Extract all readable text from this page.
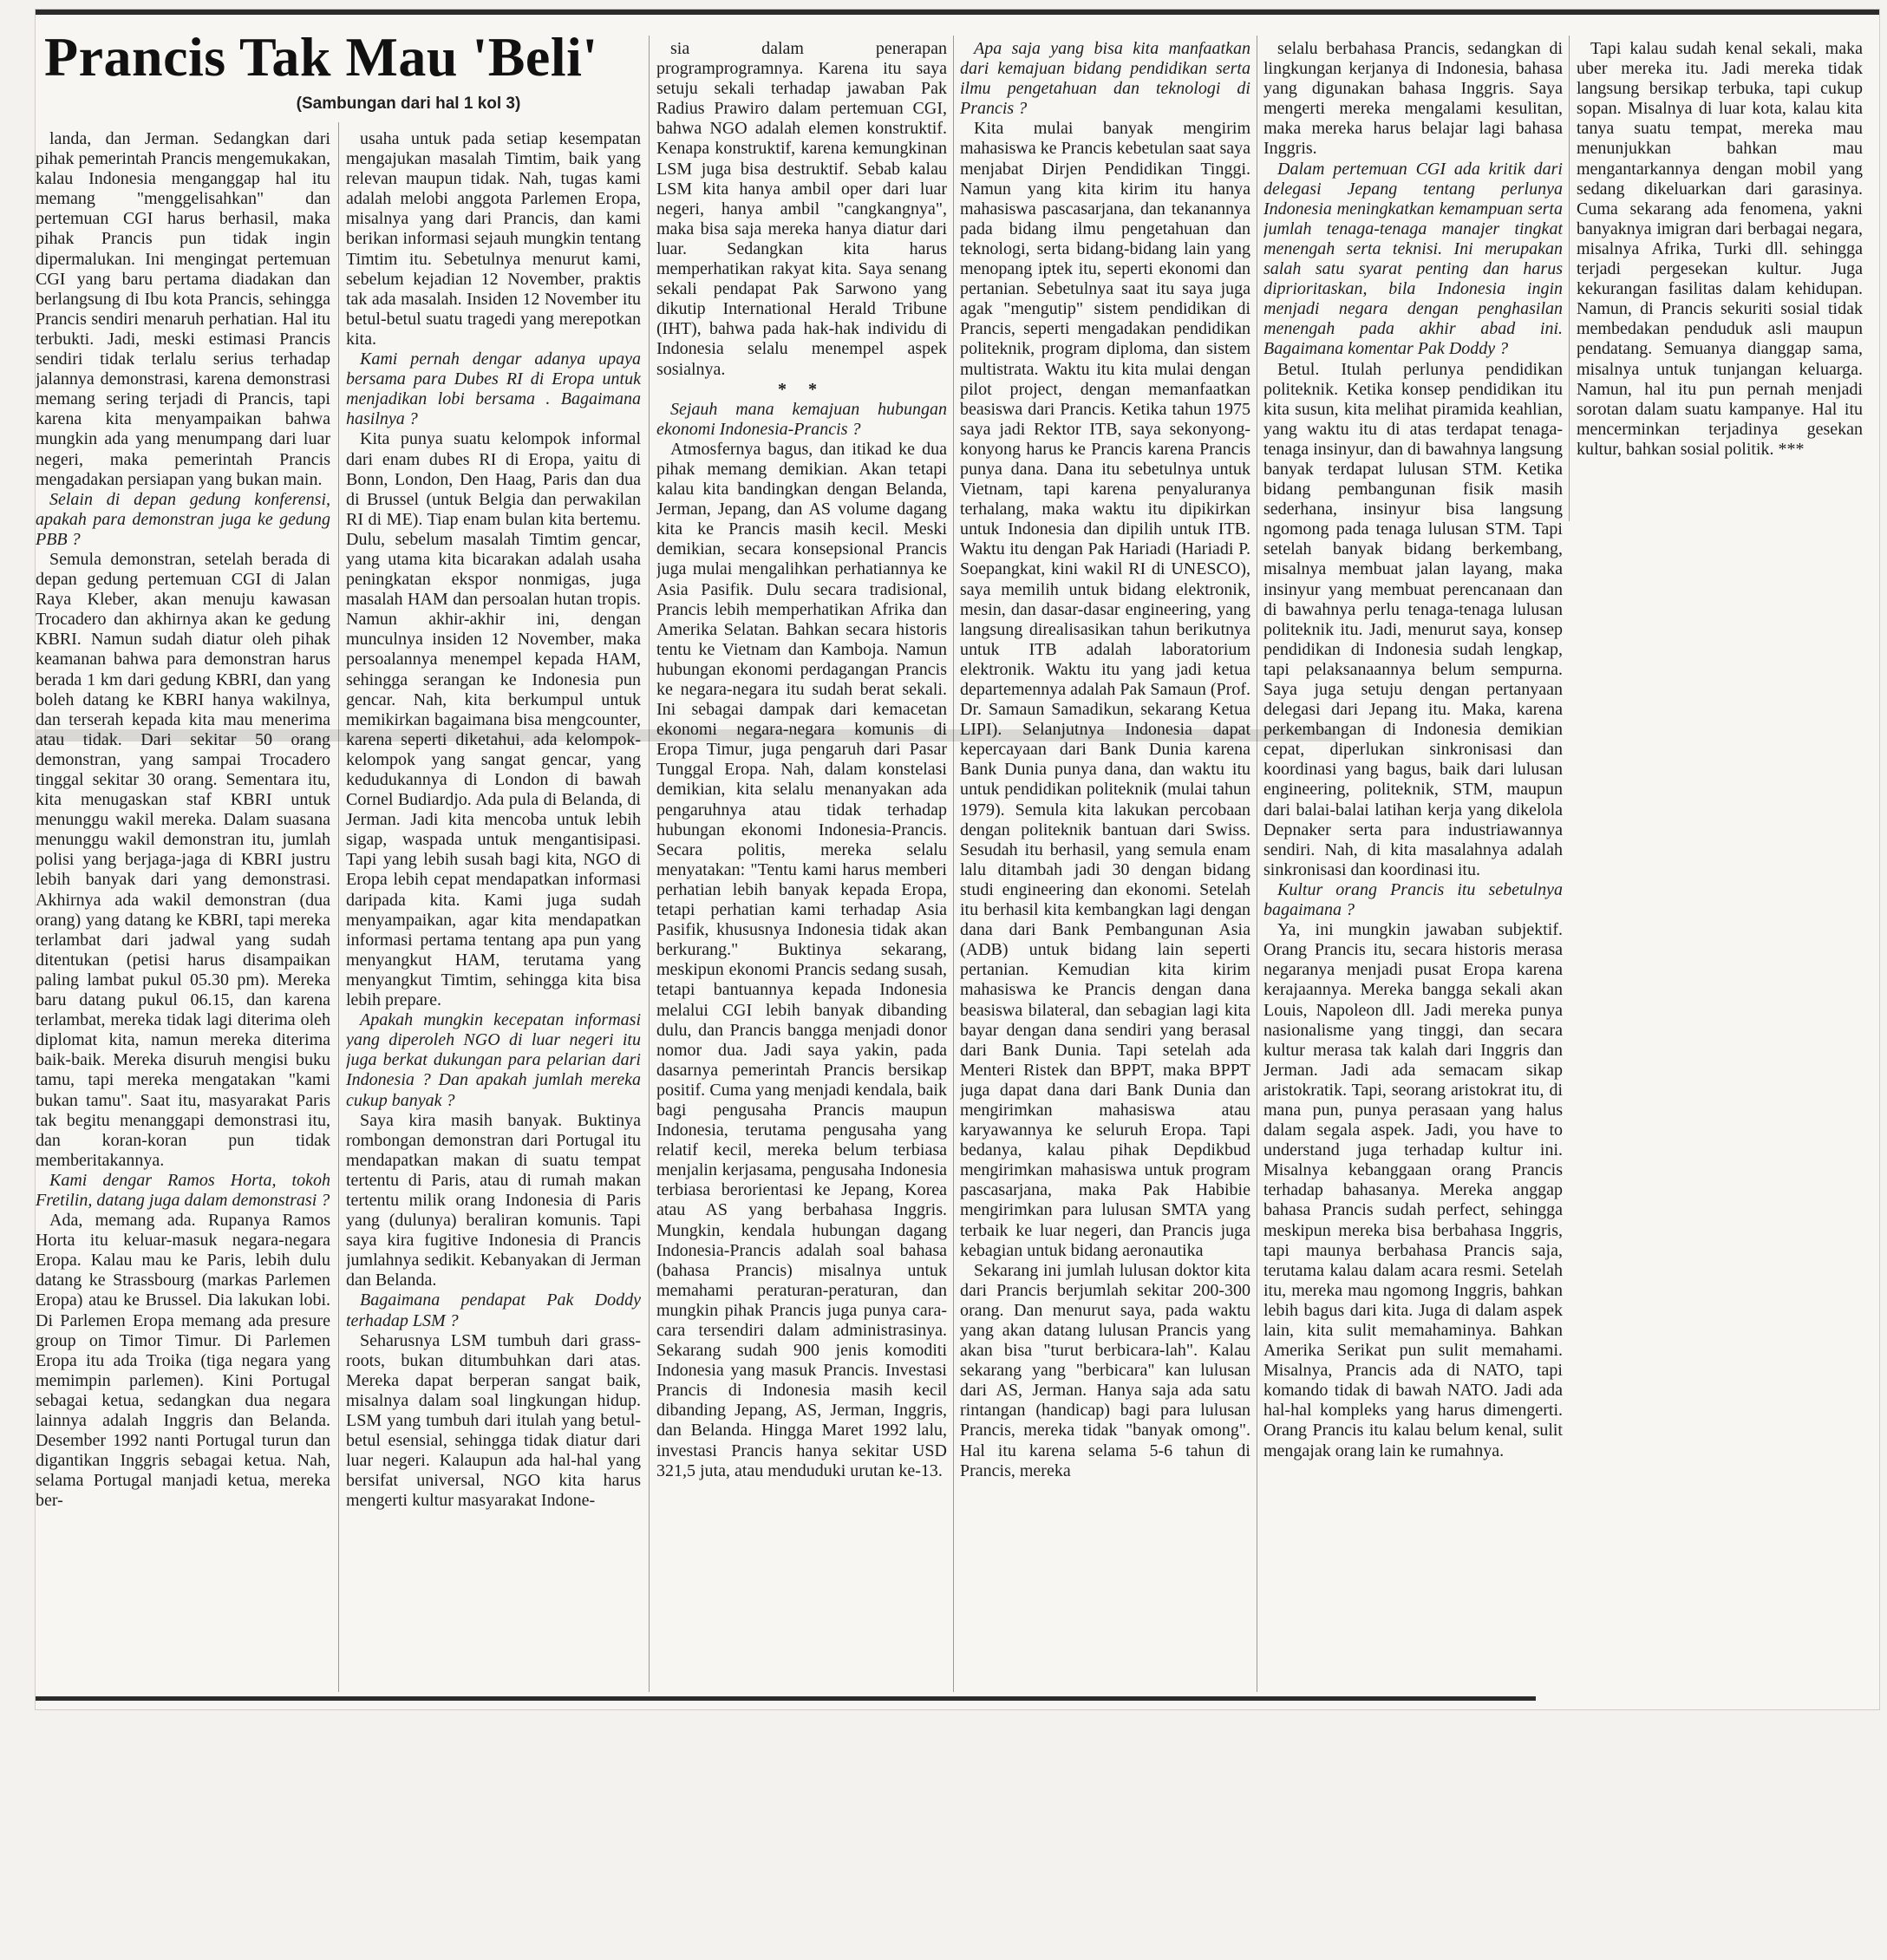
Prancis Tak Mau 'Beli'
(Sambungan dari hal 1 kol 3)

landa, dan Jerman. Sedangkan dari pihak pemerintah Prancis mengemukakan, kalau Indonesia menganggap hal itu memang "menggelisahkan" dan pertemuan CGI harus berhasil, maka pihak Prancis pun tidak ingin dipermalukan. Ini mengingat pertemuan CGI yang baru pertama diadakan dan berlangsung di Ibu kota Prancis, sehingga Prancis sendiri menaruh perhatian. Hal itu terbukti. Jadi, meski estimasi Prancis sendiri tidak terlalu serius terhadap jalannya demonstrasi, karena demonstrasi memang sering terjadi di Prancis, tapi karena kita menyampaikan bahwa mungkin ada yang menumpang dari luar negeri, maka pemerintah Prancis mengadakan persiapan yang bukan main.

Selain di depan gedung konferensi, apakah para demonstran juga ke gedung PBB ?

Semula demonstran, setelah berada di depan gedung pertemuan CGI di Jalan Raya Kleber, akan menuju kawasan Trocadero dan akhirnya akan ke gedung KBRI. Namun sudah diatur oleh pihak keamanan bahwa para demonstran harus berada 1 km dari gedung KBRI, dan yang boleh datang ke KBRI hanya wakilnya, dan terserah kepada kita mau menerima atau tidak. Dari sekitar 50 orang demonstran, yang sampai Trocadero tinggal sekitar 30 orang. Sementara itu, kita menugaskan staf KBRI untuk menunggu wakil mereka. Dalam suasana menunggu wakil demonstran itu, jumlah polisi yang berjaga-jaga di KBRI justru lebih banyak dari yang demonstrasi. Akhirnya ada wakil demonstran (dua orang) yang datang ke KBRI, tapi mereka terlambat dari jadwal yang sudah ditentukan (petisi harus disampaikan paling lambat pukul 05.30 pm). Mereka baru datang pukul 06.15, dan karena terlambat, mereka tidak lagi diterima oleh diplomat kita, namun mereka diterima baik-baik. Mereka disuruh mengisi buku tamu, tapi mereka mengatakan "kami bukan tamu". Saat itu, masyarakat Paris tak begitu menanggapi demonstrasi itu, dan koran-koran pun tidak memberitakannya.

Kami dengar Ramos Horta, tokoh Fretilin, datang juga dalam demonstrasi ?

Ada, memang ada. Rupanya Ramos Horta itu keluar-masuk negara-negara Eropa. Kalau mau ke Paris, lebih dulu datang ke Strassbourg (markas Parlemen Eropa) atau ke Brussel. Dia lakukan lobi. Di Parlemen Eropa memang ada presure group on Timor Timur. Di Parlemen Eropa itu ada Troika (tiga negara yang memimpin parlemen). Kini Portugal sebagai ketua, sedangkan dua negara lainnya adalah Inggris dan Belanda. Desember 1992 nanti Portugal turun dan digantikan Inggris sebagai ketua. Nah, selama Portugal manjadi ketua, mereka ber-

usaha untuk pada setiap kesempatan mengajukan masalah Timtim, baik yang relevan maupun tidak. Nah, tugas kami adalah melobi anggota Parlemen Eropa, misalnya yang dari Prancis, dan kami berikan informasi sejauh mungkin tentang Timtim itu. Sebetulnya menurut kami, sebelum kejadian 12 November, praktis tak ada masalah. Insiden 12 November itu betul-betul suatu tragedi yang merepotkan kita.

Kami pernah dengar adanya upaya bersama para Dubes RI di Eropa untuk menjadikan lobi bersama . Bagaimana hasilnya ?

Kita punya suatu kelompok informal dari enam dubes RI di Eropa, yaitu di Bonn, London, Den Haag, Paris dan dua di Brussel (untuk Belgia dan perwakilan RI di ME). Tiap enam bulan kita bertemu. Dulu, sebelum masalah Timtim gencar, yang utama kita bicarakan adalah usaha peningkatan ekspor nonmigas, juga masalah HAM dan persoalan hutan tropis. Namun akhir-akhir ini, dengan munculnya insiden 12 November, maka persoalannya menempel kepada HAM, sehingga serangan ke Indonesia pun gencar. Nah, kita berkumpul untuk memikirkan bagaimana bisa mengcounter, karena seperti diketahui, ada kelompok-kelompok yang sangat gencar, yang kedudukannya di London di bawah Cornel Budiardjo. Ada pula di Belanda, di Jerman. Jadi kita mencoba untuk lebih sigap, waspada untuk mengantisipasi. Tapi yang lebih susah bagi kita, NGO di Eropa lebih cepat mendapatkan informasi daripada kita. Kami juga sudah menyampaikan, agar kita mendapatkan informasi pertama tentang apa pun yang menyangkut HAM, terutama yang menyangkut Timtim, sehingga kita bisa lebih prepare.

Apakah mungkin kecepatan informasi yang diperoleh NGO di luar negeri itu juga berkat dukungan para pelarian dari Indonesia ? Dan apakah jumlah mereka cukup banyak ?

Saya kira masih banyak. Buktinya rombongan demonstran dari Portugal itu mendapatkan makan di suatu tempat tertentu di Paris, atau di rumah makan tertentu milik orang Indonesia di Paris yang (dulunya) beraliran komunis. Tapi saya kira fugitive Indonesia di Prancis jumlahnya sedikit. Kebanyakan di Jerman dan Belanda.

Bagaimana pendapat Pak Doddy terhadap LSM ?

Seharusnya LSM tumbuh dari grass-roots, bukan ditumbuhkan dari atas. Mereka dapat berperan sangat baik, misalnya dalam soal lingkungan hidup. LSM yang tumbuh dari itulah yang betul-betul esensial, sehingga tidak diatur dari luar negeri. Kalaupun ada hal-hal yang bersifat universal, NGO kita harus mengerti kultur masyarakat Indone-

sia dalam penerapan programprogramnya. Karena itu saya setuju sekali terhadap jawaban Pak Radius Prawiro dalam pertemuan CGI, bahwa NGO adalah elemen konstruktif. Kenapa konstruktif, karena kemungkinan LSM juga bisa destruktif. Sebab kalau LSM kita hanya ambil oper dari luar negeri, hanya ambil "cangkangnya", maka bisa saja mereka hanya diatur dari luar. Sedangkan kita harus memperhatikan rakyat kita. Saya senang sekali pendapat Pak Sarwono yang dikutip International Herald Tribune (IHT), bahwa pada hak-hak individu di Indonesia selalu menempel aspek sosialnya.

* *

Sejauh mana kemajuan hubungan ekonomi Indonesia-Prancis ?

Atmosfernya bagus, dan itikad ke dua pihak memang demikian. Akan tetapi kalau kita bandingkan dengan Belanda, Jerman, Jepang, dan AS volume dagang kita ke Prancis masih kecil. Meski demikian, secara konsepsional Prancis juga mulai mengalihkan perhatiannya ke Asia Pasifik. Dulu secara tradisional, Prancis lebih memperhatikan Afrika dan Amerika Selatan. Bahkan secara historis tentu ke Vietnam dan Kamboja. Namun hubungan ekonomi perdagangan Prancis ke negara-negara itu sudah berat sekali. Ini sebagai dampak dari kemacetan ekonomi negara-negara komunis di Eropa Timur, juga pengaruh dari Pasar Tunggal Eropa. Nah, dalam konstelasi demikian, kita selalu menanyakan ada pengaruhnya atau tidak terhadap hubungan ekonomi Indonesia-Prancis. Secara politis, mereka selalu menyatakan: "Tentu kami harus memberi perhatian lebih banyak kepada Eropa, tetapi perhatian kami terhadap Asia Pasifik, khususnya Indonesia tidak akan berkurang." Buktinya sekarang, meskipun ekonomi Prancis sedang susah, tetapi bantuannya kepada Indonesia melalui CGI lebih banyak dibanding dulu, dan Prancis bangga menjadi donor nomor dua. Jadi saya yakin, pada dasarnya pemerintah Prancis bersikap positif. Cuma yang menjadi kendala, baik bagi pengusaha Prancis maupun Indonesia, terutama pengusaha yang relatif kecil, mereka belum terbiasa menjalin kerjasama, pengusaha Indonesia terbiasa berorientasi ke Jepang, Korea atau AS yang berbahasa Inggris. Mungkin, kendala hubungan dagang Indonesia-Prancis adalah soal bahasa (bahasa Prancis) misalnya untuk memahami peraturan-peraturan, dan mungkin pihak Prancis juga punya cara-cara tersendiri dalam administrasinya. Sekarang sudah 900 jenis komoditi Indonesia yang masuk Prancis. Investasi Prancis di Indonesia masih kecil dibanding Jepang, AS, Jerman, Inggris, dan Belanda. Hingga Maret 1992 lalu, investasi Prancis hanya sekitar USD 321,5 juta, atau menduduki urutan ke-13.

Apa saja yang bisa kita manfaatkan dari kemajuan bidang pendidikan serta ilmu pengetahuan dan teknologi di Prancis ?

Kita mulai banyak mengirim mahasiswa ke Prancis kebetulan saat saya menjabat Dirjen Pendidikan Tinggi. Namun yang kita kirim itu hanya mahasiswa pascasarjana, dan tekanannya pada bidang ilmu pengetahuan dan teknologi, serta bidang-bidang lain yang menopang iptek itu, seperti ekonomi dan pertanian. Sebetulnya saat itu saya juga agak "mengutip" sistem pendidikan di Prancis, seperti mengadakan pendidikan politeknik, program diploma, dan sistem multistrata. Waktu itu kita mulai dengan pilot project, dengan memanfaatkan beasiswa dari Prancis. Ketika tahun 1975 saya jadi Rektor ITB, saya sekonyong-konyong harus ke Prancis karena Prancis punya dana. Dana itu sebetulnya untuk Vietnam, tapi karena penyaluranya terhalang, maka waktu itu dipikirkan untuk Indonesia dan dipilih untuk ITB. Waktu itu dengan Pak Hariadi (Hariadi P. Soepangkat, kini wakil RI di UNESCO), saya memilih untuk bidang elektronik, mesin, dan dasar-dasar engineering, yang langsung direalisasikan tahun berikutnya untuk ITB adalah laboratorium elektronik. Waktu itu yang jadi ketua departemennya adalah Pak Samaun (Prof. Dr. Samaun Samadikun, sekarang Ketua LIPI). Selanjutnya Indonesia dapat kepercayaan dari Bank Dunia karena Bank Dunia punya dana, dan waktu itu untuk pendidikan politeknik (mulai tahun 1979). Semula kita lakukan percobaan dengan politeknik bantuan dari Swiss. Sesudah itu berhasil, yang semula enam lalu ditambah jadi 30 dengan bidang studi engineering dan ekonomi. Setelah itu berhasil kita kembangkan lagi dengan dana dari Bank Pembangunan Asia (ADB) untuk bidang lain seperti pertanian. Kemudian kita kirim mahasiswa ke Prancis dengan dana beasiswa bilateral, dan sebagian lagi kita bayar dengan dana sendiri yang berasal dari Bank Dunia. Tapi setelah ada Menteri Ristek dan BPPT, maka BPPT juga dapat dana dari Bank Dunia dan mengirimkan mahasiswa atau karyawannya ke seluruh Eropa. Tapi bedanya, kalau pihak Depdikbud mengirimkan mahasiswa untuk program pascasarjana, maka Pak Habibie mengirimkan para lulusan SMTA yang terbaik ke luar negeri, dan Prancis juga kebagian untuk bidang aeronautika

Sekarang ini jumlah lulusan doktor kita dari Prancis berjumlah sekitar 200-300 orang. Dan menurut saya, pada waktu yang akan datang lulusan Prancis yang akan bisa "turut berbicara-lah". Kalau sekarang yang "berbicara" kan lulusan dari AS, Jerman. Hanya saja ada satu rintangan (handicap) bagi para lulusan Prancis, mereka tidak "banyak omong". Hal itu karena selama 5-6 tahun di Prancis, mereka

selalu berbahasa Prancis, sedangkan di lingkungan kerjanya di Indonesia, bahasa yang digunakan bahasa Inggris. Saya mengerti mereka mengalami kesulitan, maka mereka harus belajar lagi bahasa Inggris.

Dalam pertemuan CGI ada kritik dari delegasi Jepang tentang perlunya Indonesia meningkatkan kemampuan serta jumlah tenaga-tenaga manajer tingkat menengah serta teknisi. Ini merupakan salah satu syarat penting dan harus diprioritaskan, bila Indonesia ingin menjadi negara dengan penghasilan menengah pada akhir abad ini. Bagaimana komentar Pak Doddy ?

Betul. Itulah perlunya pendidikan politeknik. Ketika konsep pendidikan itu kita susun, kita melihat piramida keahlian, yang waktu itu di atas terdapat tenaga-tenaga insinyur, dan di bawahnya langsung banyak terdapat lulusan STM. Ketika bidang pembangunan fisik masih sederhana, insinyur bisa langsung ngomong pada tenaga lulusan STM. Tapi setelah banyak bidang berkembang, misalnya membuat jalan layang, maka insinyur yang membuat perencanaan dan di bawahnya perlu tenaga-tenaga lulusan politeknik itu. Jadi, menurut saya, konsep pendidikan di Indonesia sudah lengkap, tapi pelaksanaannya belum sempurna. Saya juga setuju dengan pertanyaan delegasi dari Jepang itu. Maka, karena perkembangan di Indonesia demikian cepat, diperlukan sinkronisasi dan koordinasi yang bagus, baik dari lulusan engineering, politeknik, STM, maupun dari balai-balai latihan kerja yang dikelola Depnaker serta para industriawannya sendiri. Nah, di kita masalahnya adalah sinkronisasi dan koordinasi itu.

Kultur orang Prancis itu sebetulnya bagaimana ?

Ya, ini mungkin jawaban subjektif. Orang Prancis itu, secara historis merasa negaranya menjadi pusat Eropa karena kerajaannya. Mereka bangga sekali akan Louis, Napoleon dll. Jadi mereka punya nasionalisme yang tinggi, dan secara kultur merasa tak kalah dari Inggris dan Jerman. Jadi ada semacam sikap aristokratik. Tapi, seorang aristokrat itu, di mana pun, punya perasaan yang halus dalam segala aspek. Jadi, you have to understand juga terhadap kultur ini. Misalnya kebanggaan orang Prancis terhadap bahasanya. Mereka anggap bahasa Prancis sudah perfect, sehingga meskipun mereka bisa berbahasa Inggris, tapi maunya berbahasa Prancis saja, terutama kalau dalam acara resmi. Setelah itu, mereka mau ngomong Inggris, bahkan lebih bagus dari kita. Juga di dalam aspek lain, kita sulit memahaminya. Bahkan Amerika Serikat pun sulit memahami. Misalnya, Prancis ada di NATO, tapi komando tidak di bawah NATO. Jadi ada hal-hal kompleks yang harus dimengerti. Orang Prancis itu kalau belum kenal, sulit mengajak orang lain ke rumahnya.

Tapi kalau sudah kenal sekali, maka uber mereka itu. Jadi mereka tidak langsung bersikap terbuka, tapi cukup sopan. Misalnya di luar kota, kalau kita tanya suatu tempat, mereka mau menunjukkan bahkan mau mengantarkannya dengan mobil yang sedang dikeluarkan dari garasinya. Cuma sekarang ada fenomena, yakni banyaknya imigran dari berbagai negara, misalnya Afrika, Turki dll. sehingga terjadi pergesekan kultur. Juga kekurangan fasilitas dalam kehidupan. Namun, di Prancis sekuriti sosial tidak membedakan penduduk asli maupun pendatang. Semuanya dianggap sama, misalnya untuk tunjangan keluarga. Namun, hal itu pun pernah menjadi sorotan dalam suatu kampanye. Hal itu mencerminkan terjadinya gesekan kultur, bahkan sosial politik. ***
